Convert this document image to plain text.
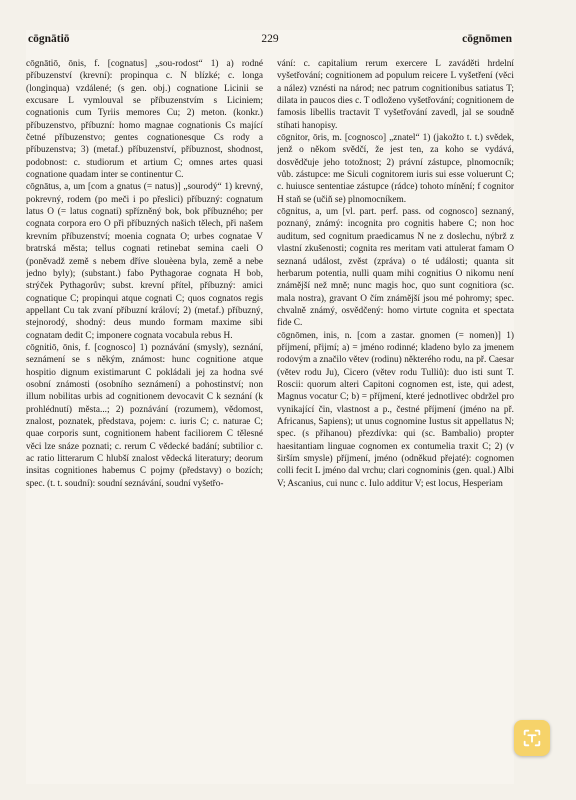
cōgnātiō	229	cōgnōmen

cōgnātiō, ōnis, f. [cognatus] „sou-rodost“ 1) a) rodné příbuzenství (krevní): propinqua c. N blízké; c. longa (longinqua) vzdálené; (s gen. obj.) cognatione Licinii se excusare L vymlouval se příbuzenstvím s Liciniem; cognationis cum Tyriis memores Cu; 2) meton. (konkr.) příbuzenstvo, příbuzní: homo magnae cognationis Cs mající četné příbuzenstvo; gentes cognationesque Cs rody a příbuzenstva; 3) (metaf.) příbuzenství, příbuznost, shodnost, podobnost: c. studiorum et artium C; omnes artes quasi cognatione quadam inter se continentur C.

cōgnātus, a, um [com a gnatus (= natus)] „sourodý“ 1) krevný, pokrevný, rodem (po meči i po přeslici) příbuzný: cognatum latus O (= latus cognati) spřízněný bok, bok příbuzného; per cognata corpora ero O při příbuzných našich tělech, při našem krevním příbuzenství; moenia cognata O; urbes cognatae V bratrská města; tellus cognati retinebat semina caeli O (poněvadž země s nebem dříve slouèena byla, země a nebe jedno byly); (substant.) fabo Pythagorae cognata H bob, strýček Pythagorův; subst. krevní přítel, příbuzný: amici cognatique C; propinqui atque cognati C; quos cognatos regis appellant Cu tak zvaní příbuzní královí; 2) (metaf.) příbuzný, stejnorodý, shodný: deus mundo formam maxime sibi cognatam dedit C; imponere cognata vocabula rebus H.

cōgnitiō, ōnis, f. [cognosco] 1) poznávání (smysly), seznání, seznámení se s někým, známost: hunc cognitione atque hospitio dignum existimarunt C pokládali jej za hodna své osobní známosti (osobního seznámení) a pohostinství; non illum nobilitas urbis ad cognitionem devocavit C k seznání (k prohlédnutí) města...; 2) poznávání (rozumem), vědomost, znalost, poznatek, představa, pojem: c. iuris C; c. naturae C; quae corporis sunt, cognitionem habent faciliorem C tělesné věci lze snáze poznati; c. rerum C vědecké badání; subtilior c. ac ratio litterarum C hlubší znalost vědecká literatury; deorum insitas cognitiones habemus C pojmy (představy) o bozích; spec. (t. t. soudní): soudní seznávání, soudní vyšetřo-

vání: c. capitalium rerum exercere L zaváděti hrdelní vyšetřování; cognitionem ad populum reicere L vyšetření (věci a nález) vznésti na národ; nec patrum cognitionibus satiatus T; dilata in paucos dies c. T odloženo vyšetřování; cognitionem de famosis libellis tractavit T vyšetřování zavedl, jal se soudně stíhati hanopisy.

cōgnitor, ōris, m. [cognosco] „znatel“ 1) (jakožto t. t.) svědek, jenž o někom svědčí, že jest ten, za koho se vydává, dosvědčuje jeho totožnost; 2) právní zástupce, plnomocník; vůb. zástupce: me Siculi cognitorem iuris sui esse voluerunt C; c. huiusce sententiae zástupce (rádce) tohoto mínění; f cognitor H staň se (učiň se) plnomocníkem.

cōgnitus, a, um [vl. part. perf. pass. od cognosco] seznaný, poznaný, známý: incognita pro cognitis habere C; non hoc auditum, sed cognitum praedicamus N ne z doslechu, nýbrž z vlastní zkušenosti; cognita res meritam vati attulerat famam O seznaná událost, zvěst (zpráva) o té události; quanta sit herbarum potentia, nulli quam mihi cognitius O nikomu není známější než mně; nunc magis hoc, quo sunt cognitiora (sc. mala nostra), gravant O čím známější jsou mé pohromy; spec. chvalně známý, osvědčený: homo virtute cognita et spectata fide C.

cōgnōmen, inis, n. [com a zastar. gnomen (= nomen)] 1) příjmení, přijmí; a) = jméno rodinné; kladeno bylo za jmenem rodovým a značilo větev (rodinu) některého rodu, na př. Caesar (větev rodu Ju), Cicero (větev rodu Tulliů): duo isti sunt T. Roscii: quorum alteri Capitoni cognomen est, iste, qui adest, Magnus vocatur C; b) = příjmení, které jednotlivec obdržel pro vynikající čin, vlastnost a p., čestné příjmení (jméno na př. Africanus, Sapiens); ut unus cognomine Iustus sit appellatus N; spec. (s přihanou) přezdívka: qui (sc. Bambalio) propter haesitantiam linguae cognomen ex contumelia traxit C; 2) (v širším smysle) příjmení, jméno (odněkud přejaté): cognomen colli fecit L jméno dal vrchu; clari cognominis (gen. qual.) Albi V; Ascanius, cui nunc c. Iulo additur V; est locus, Hesperiam
